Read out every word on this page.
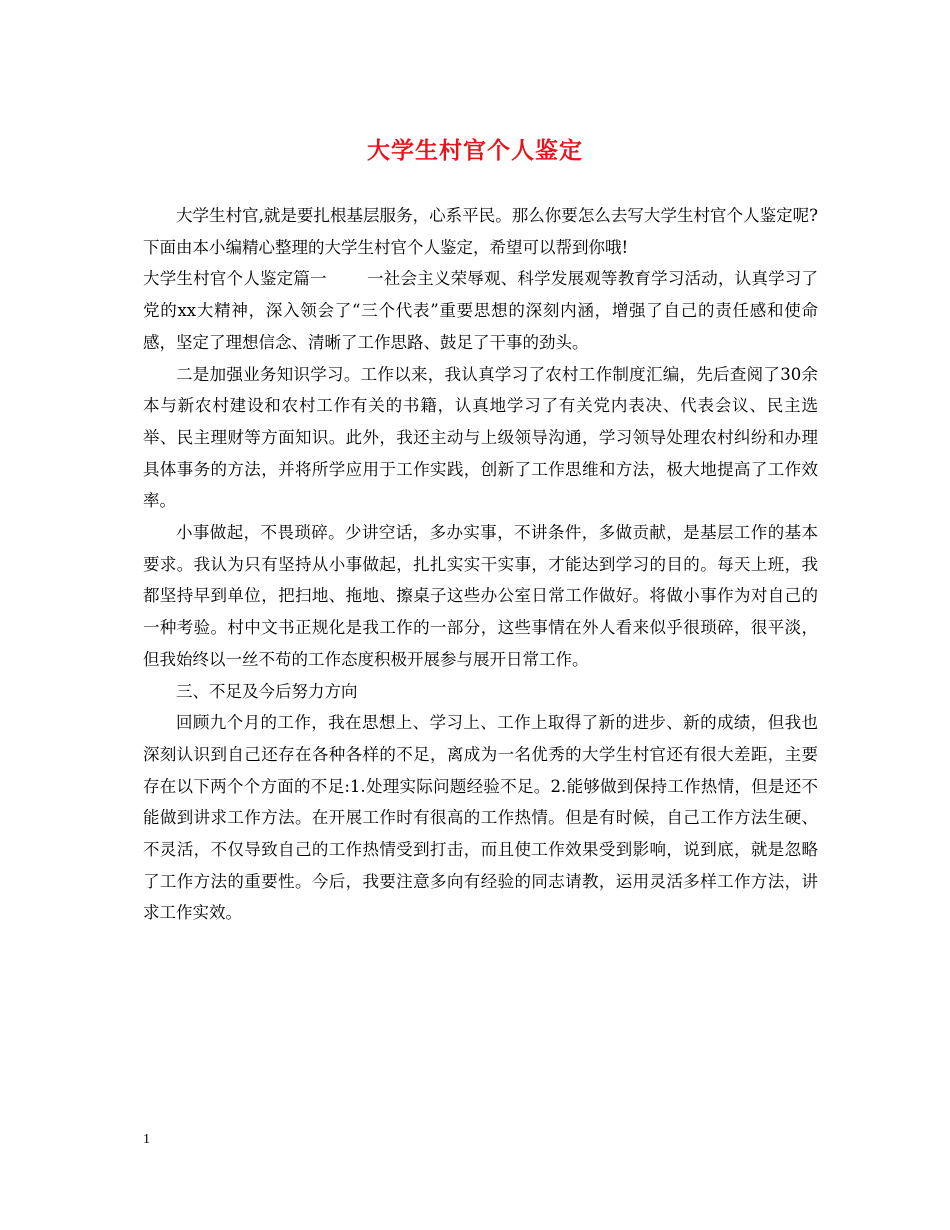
大学生村官个人鉴定

大学生村官,就是要扎根基层服务，心系平民。那么你要怎么去写大学生村官个人鉴定呢?下面由本小编精心整理的大学生村官个人鉴定，希望可以帮到你哦!

大学生村官个人鉴定篇一 一社会主义荣辱观、科学发展观等教育学习活动，认真学习了党的xx大精神，深入领会了“三个代表”重要思想的深刻内涵，增强了自己的责任感和使命感，坚定了理想信念、清晰了工作思路、鼓足了干事的劲头。

二是加强业务知识学习。工作以来，我认真学习了农村工作制度汇编，先后查阅了30余本与新农村建设和农村工作有关的书籍，认真地学习了有关党内表决、代表会议、民主选举、民主理财等方面知识。此外，我还主动与上级领导沟通，学习领导处理农村纠纷和办理具体事务的方法，并将所学应用于工作实践，创新了工作思维和方法，极大地提高了工作效率。

小事做起，不畏琐碎。少讲空话，多办实事，不讲条件，多做贡献，是基层工作的基本要求。我认为只有坚持从小事做起，扎扎实实干实事，才能达到学习的目的。每天上班，我都坚持早到单位，把扫地、拖地、擦桌子这些办公室日常工作做好。将做小事作为对自己的一种考验。村中文书正规化是我工作的一部分，这些事情在外人看来似乎很琐碎，很平淡，但我始终以一丝不苟的工作态度积极开展参与展开日常工作。

三、不足及今后努力方向

回顾九个月的工作，我在思想上、学习上、工作上取得了新的进步、新的成绩，但我也深刻认识到自己还存在各种各样的不足，离成为一名优秀的大学生村官还有很大差距，主要存在以下两个个方面的不足:1.处理实际问题经验不足。2.能够做到保持工作热情，但是还不能做到讲求工作方法。在开展工作时有很高的工作热情。但是有时候，自己工作方法生硬、不灵活，不仅导致自己的工作热情受到打击，而且使工作效果受到影响，说到底，就是忽略了工作方法的重要性。今后，我要注意多向有经验的同志请教，运用灵活多样工作方法，讲求工作实效。

1
